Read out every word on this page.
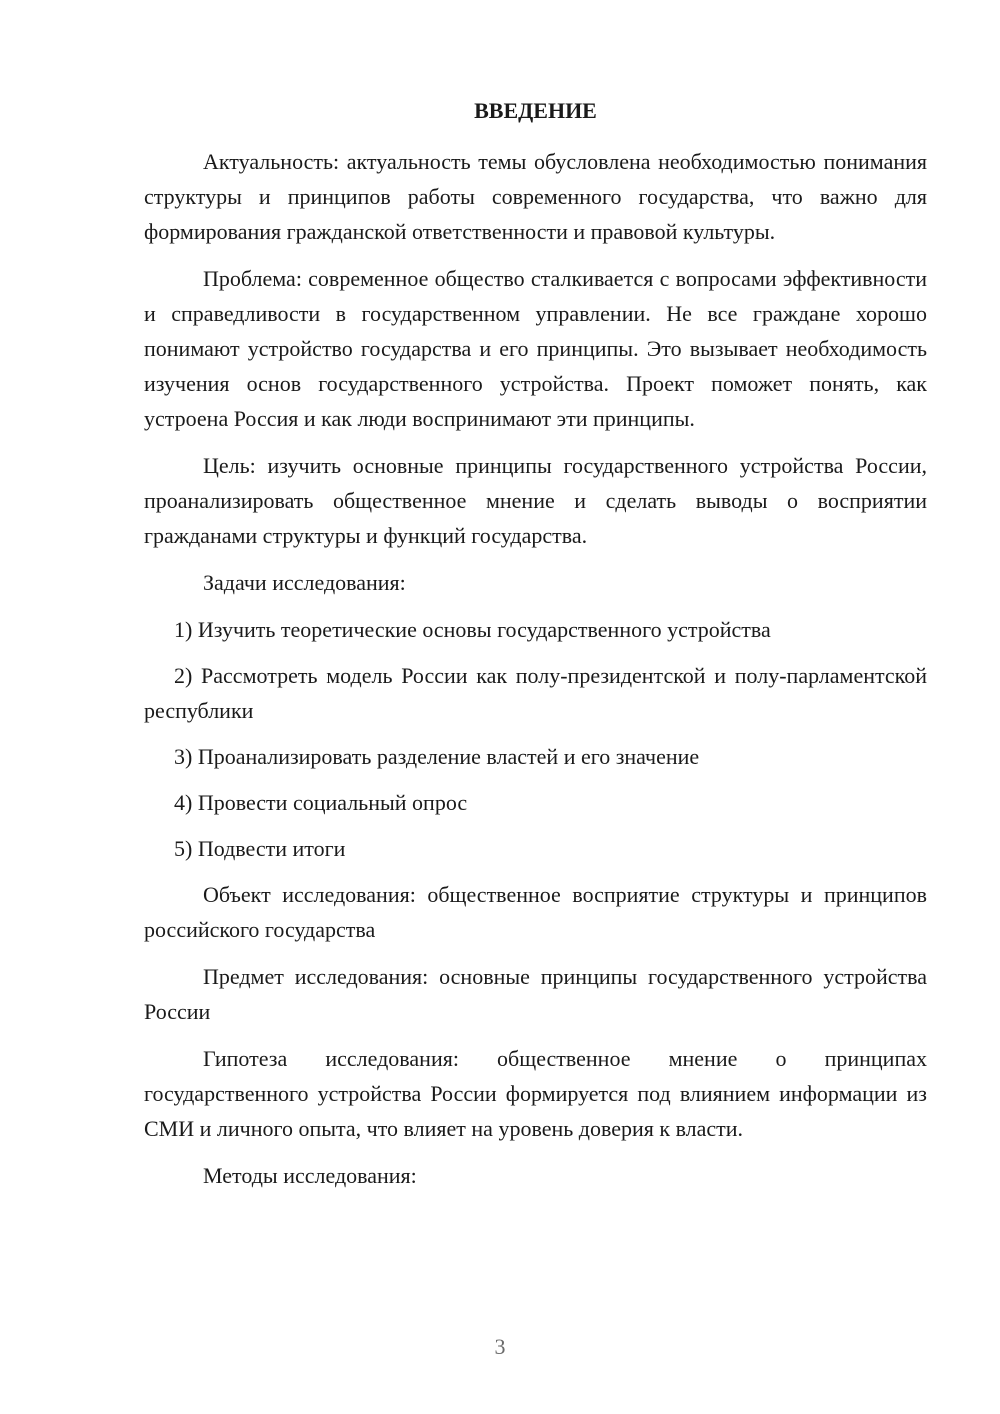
ВВЕДЕНИЕ

Актуальность: актуальность темы обусловлена необходимостью понимания структуры и принципов работы современного государства, что важно для формирования гражданской ответственности и правовой культуры.

Проблема: современное общество сталкивается с вопросами эффективности и справедливости в государственном управлении. Не все граждане хорошо понимают устройство государства и его принципы. Это вызывает необходимость изучения основ государственного устройства. Проект поможет понять, как устроена Россия и как люди воспринимают эти принципы.

Цель: изучить основные принципы государственного устройства России, проанализировать общественное мнение и сделать выводы о восприятии гражданами структуры и функций государства.

Задачи исследования:

1) Изучить теоретические основы государственного устройства

2) Рассмотреть модель России как полу-президентской и полу-парламентской республики

3) Проанализировать разделение властей и его значение

4) Провести социальный опрос

5) Подвести итоги

Объект исследования: общественное восприятие структуры и принципов российского государства

Предмет исследования: основные принципы государственного устройства России

Гипотеза исследования: общественное мнение о принципах государственного устройства России формируется под влиянием информации из СМИ и личного опыта, что влияет на уровень доверия к власти.

Методы исследования:

3
